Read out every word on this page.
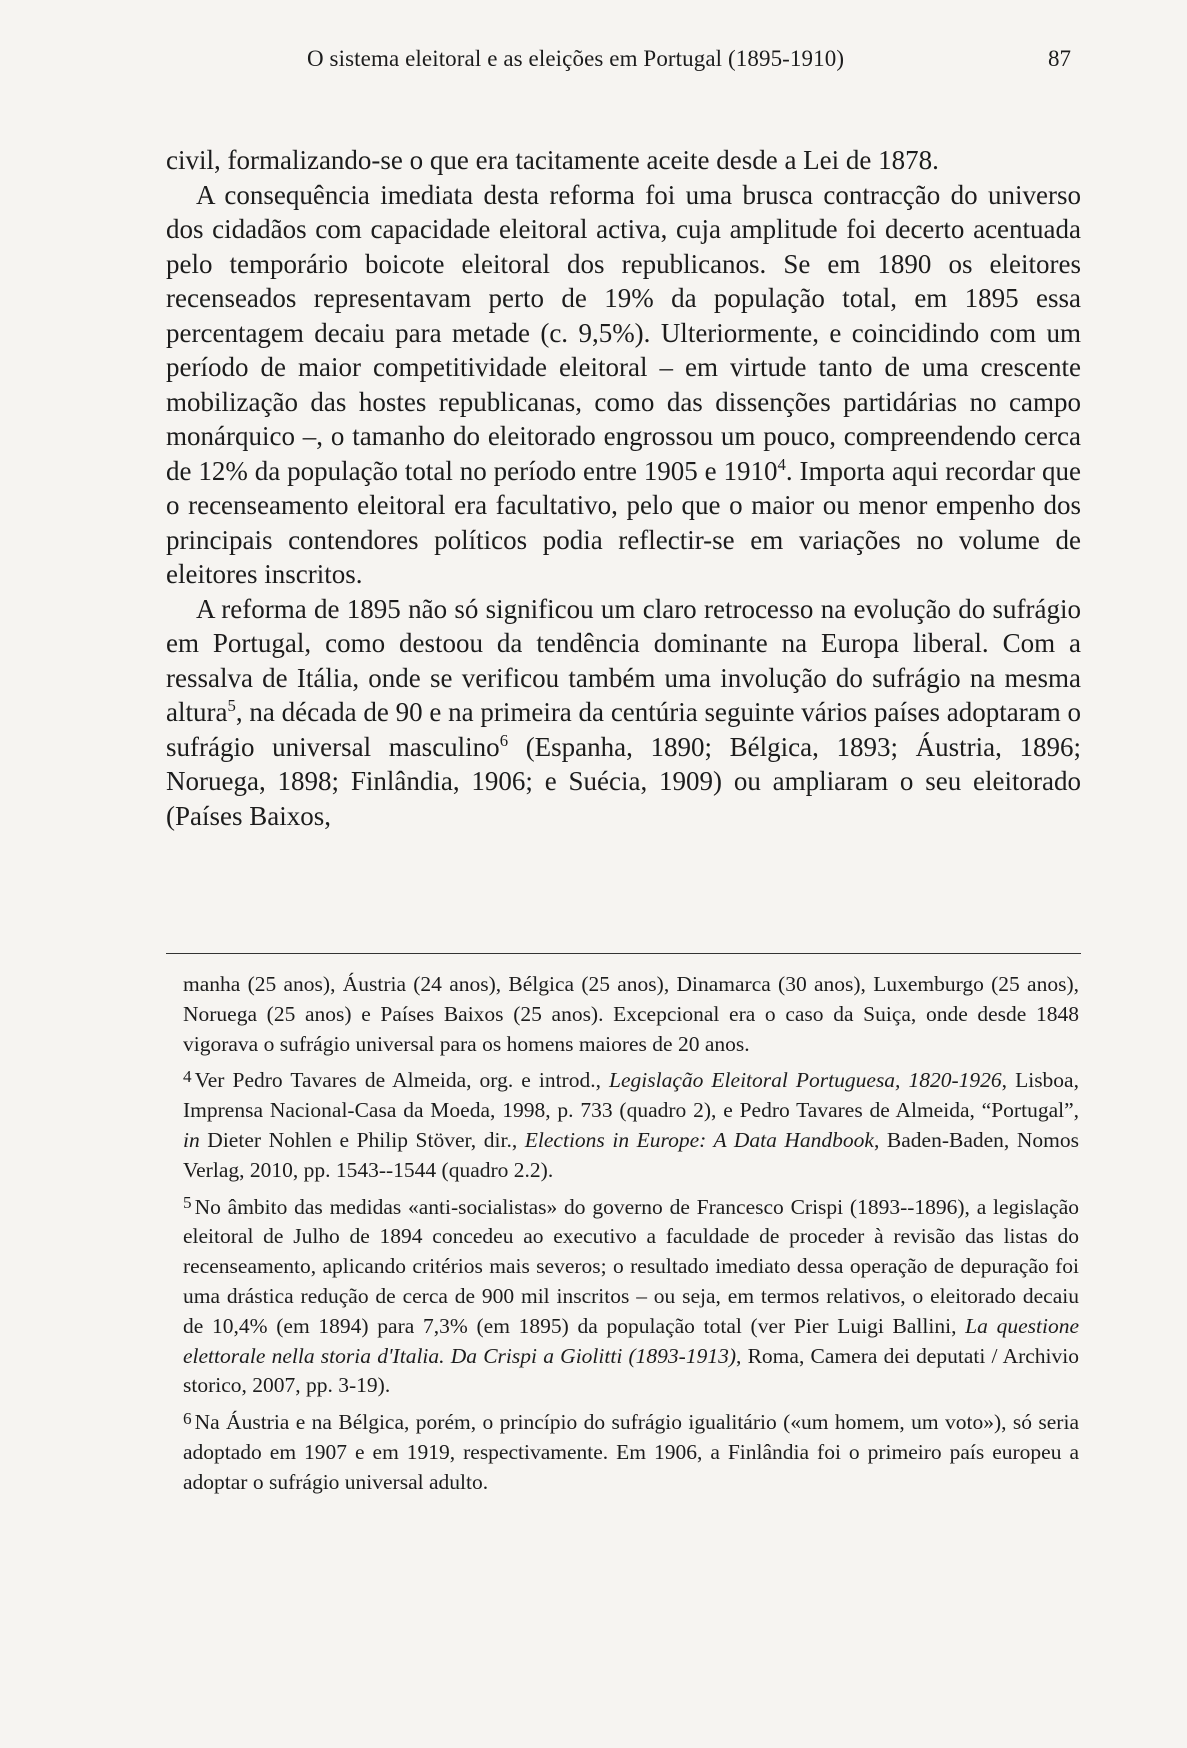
O sistema eleitoral e as eleições em Portugal (1895-1910)	87

civil, formalizando-se o que era tacitamente aceite desde a Lei de 1878.

A consequência imediata desta reforma foi uma brusca contracção do universo dos cidadãos com capacidade eleitoral activa, cuja amplitude foi decerto acentuada pelo temporário boicote eleitoral dos republicanos. Se em 1890 os eleitores recenseados representavam perto de 19% da população total, em 1895 essa percentagem decaiu para metade (c. 9,5%). Ulteriormente, e coincidindo com um período de maior competitividade eleitoral – em virtude tanto de uma crescente mobilização das hostes republicanas, como das dissenções partidárias no campo monárquico –, o tamanho do eleitorado engrossou um pouco, compreendendo cerca de 12% da população total no período entre 1905 e 1910$^4$. Importa aqui recordar que o recenseamento eleitoral era facultativo, pelo que o maior ou menor empenho dos principais contendores políticos podia reflectir-se em variações no volume de eleitores inscritos.

A reforma de 1895 não só significou um claro retrocesso na evolução do sufrágio em Portugal, como destoou da tendência dominante na Europa liberal. Com a ressalva de Itália, onde se verificou também uma involução do sufrágio na mesma altura$^5$, na década de 90 e na primeira da centúria seguinte vários países adoptaram o sufrágio universal masculino$^6$ (Espanha, 1890; Bélgica, 1893; Áustria, 1896; Noruega, 1898; Finlândia, 1906; e Suécia, 1909) ou ampliaram o seu eleitorado (Países Baixos,

manha (25 anos), Áustria (24 anos), Bélgica (25 anos), Dinamarca (30 anos), Luxemburgo (25 anos), Noruega (25 anos) e Países Baixos (25 anos). Excepcional era o caso da Suiça, onde desde 1848 vigorava o sufrágio universal para os homens maiores de 20 anos.

$^4$ Ver Pedro Tavares de Almeida, org. e introd., Legislação Eleitoral Portuguesa, 1820-1926, Lisboa, Imprensa Nacional-Casa da Moeda, 1998, p. 733 (quadro 2), e Pedro Tavares de Almeida, “Portugal”, in Dieter Nohlen e Philip Stöver, dir., Elections in Europe: A Data Handbook, Baden-Baden, Nomos Verlag, 2010, pp. 1543--1544 (quadro 2.2).

$^5$ No âmbito das medidas «anti-socialistas» do governo de Francesco Crispi (1893--1896), a legislação eleitoral de Julho de 1894 concedeu ao executivo a faculdade de proceder à revisão das listas do recenseamento, aplicando critérios mais severos; o resultado imediato dessa operação de depuração foi uma drástica redução de cerca de 900 mil inscritos – ou seja, em termos relativos, o eleitorado decaiu de 10,4% (em 1894) para 7,3% (em 1895) da população total (ver Pier Luigi Ballini, La questione elettorale nella storia d'Italia. Da Crispi a Giolitti (1893-1913), Roma, Camera dei deputati / Archivio storico, 2007, pp. 3-19).

$^6$ Na Áustria e na Bélgica, porém, o princípio do sufrágio igualitário («um homem, um voto»), só seria adoptado em 1907 e em 1919, respectivamente. Em 1906, a Finlândia foi o primeiro país europeu a adoptar o sufrágio universal adulto.
